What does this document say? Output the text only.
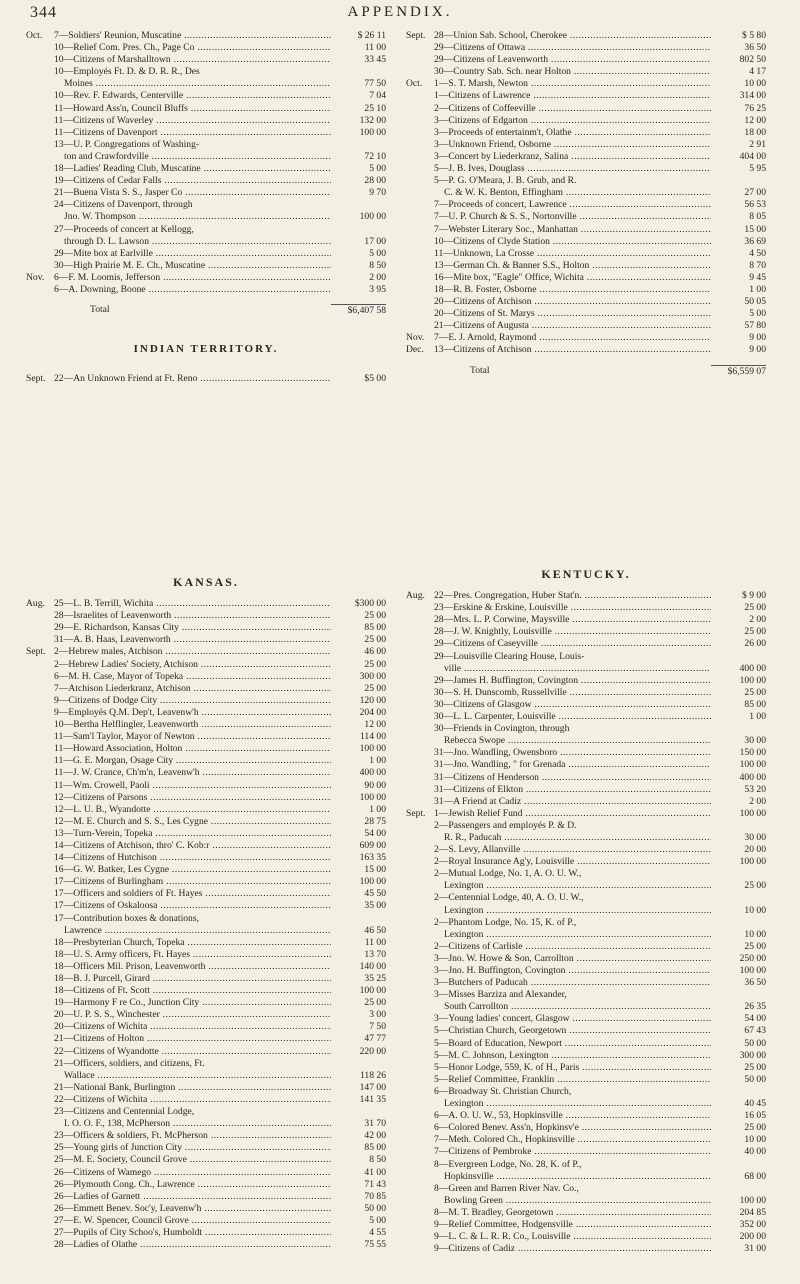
344	APPENDIX.
Oct.	7—Soldiers' Reunion, Muscatine .....	$ 26 11
10—Relief Com. Pres. Ch., Page Co .....	11 00
10—Citizens of Marshalltown .....	33 45
10—Employés Ft. D. & D. R. R., Des
Moines .....	77 50
10—Rev. F. Edwards, Centerville .....	7 04
11—Howard Ass'n, Council Bluffs .....	25 10
11—Citizens of Waverley .....	132 00
11—Citizens of Davenport .....	100 00
13—U. P. Congregations of Washing-
ton and Crawfordville .....	72 10
18—Ladies' Reading Club, Muscatine .....	5 00
19—Citizens of Cedar Falls .....	28 00
21—Buena Vista S. S., Jasper Co .....	9 70
24—Citizens of Davenport, through
Jno. W. Thompson .....	100 00
27—Proceeds of concert at Kellogg,
through D. L. Lawson .....	17 00
29—Mite box at Earlville .....	5 00
30—High Prairie M. E. Ch., Muscatine .....	8 50
Nov.	6—F. M. Loomis, Jefferson .....	2 00
6—A. Downing, Boone .....	3 95
Total	$6,407 58
INDIAN TERRITORY.
Sept. 22—An Unknown Friend at Ft. Reno .....	$5 00
KANSAS.
Aug. 25—L. B. Terrill, Wichita .....	$300 00
28—Israelites of Leavenworth .....	25 00
29—E. Richardson, Kansas City .....	85 00
31—A. B. Haas, Leavenworth .....	25 00
Sept. 2—Hebrew males, Atchison .....	46 00
2—Hebrew Ladies' Society, Atchison .....	25 00
6—M. H. Case, Mayor of Topeka .....	300 00
7—Atchison Liederkranz, Atchison .....	25 00
9—Citizens of Dodge City .....	120 00
9—Employés Q.M. Dep't, Leavenw'h .....	204 00
10—Bertha Helflingler, Leavenworth .....	12 00
11—Sam'l Taylor, Mayor of Newton .....	114 00
11—Howard Association, Holton .....	100 00
11—G. E. Morgan, Osage City .....	1 00
11—J. W. Crance, Ch'm'n, Leavenw'h .....	400 00
11—Wm. Crowell, Paoli .....	90 00
12—Citizens of Parsons .....	100 00
12—L. U. B., Wyandotte .....	1 00
12—M. E. Church and S. S., Les Cygne .....	28 75
13—Turn-Verein, Topeka .....	54 00
14—Citizens of Atchison, thro' C. Kob:r .....	609 00
14—Citizens of Hutchison .....	163 35
16—G. W. Batker, Les Cygne .....	15 00
17—Citizens of Burlingham .....	100 00
17—Officers and soldiers of Ft. Hayes .....	45 50
17—Citizens of Oskaloosa .....	35 00
17—Contribution boxes & donations,
Lawrence .....	46 50
18—Presbyterian Church, Topeka .....	11 00
18—U. S. Army officers, Ft. Hayes .....	13 70
18—Officers Mil. Prison, Leavenworth .....	140 00
18—B. J. Purcell, Girard .....	35 25
18—Citizens of Ft. Scott .....	100 00
19—Harmony F re Co., Junction City .....	25 00
20—U. P. S. S., Winchester .....	3 00
20—Citizens of Wichita .....	7 50
21—Citizens of Holton .....	47 77
22—Citizens of Wyandotte .....	220 00
21—Officers, soldiers, and citizens, Ft.
Wallace .....	118 26
21—National Bank, Burlington .....	147 00
22—Citizens of Wichita .....	141 35
23—Citizens and Centennial Lodge,
I. O. O. F., 138, McPherson .....	31 70
23—Officers & soldiers, Ft. McPherson .....	42 00
25—Young girls of Junction City .....	85 00
25—M. E. Society, Council Grove .....	8 50
26—Citizens of Wamego .....	41 00
26—Plymouth Cong. Ch., Lawrence .....	71 43
26—Ladies of Garnett .....	70 85
26—Emmett Benev. Soc'y, Leavenw'h .....	50 00
27—E. W. Spencer, Council Grove .....	5 00
27—Pupils of City Schoo's, Humboldt .....	4 55
28—Ladies of Olathe .....	75 55
Sept. 28—Union Sab. School, Cherokee .....	$ 5 80
29—Citizens of Ottawa .....	36 50
29—Citizens of Leavenworth .....	802 50
30—Country Sab. Sch. near Holton .....	4 17
Oct.	1—S. T. Marsh, Newton .....	10 00
1—Citizens of Lawrence .....	314 00
2—Citizens of Coffeeville .....	76 25
3—Citizens of Edgarton .....	12 00
3—Proceeds of entertainm't, Olathe .....	18 00
3—Unknown Friend, Osborne .....	2 91
3—Concert by Liederkranz, Salina .....	404 00
5—J. B. Ives, Douglass .....	5 95
5—P. G. O'Meara, J. B. Grub, and R.
C. & W. K. Benton, Effingham .....	27 00
7—Proceeds of concert, Lawrence .....	56 53
7—U. P. Church & S. S., Nortonville .....	8 05
7—Webster Literary Soc., Manhattan .....	15 00
10—Citizens of Clyde Station .....	36 69
11—Unknown, La Crosse .....	4 50
13—German Ch. & Banner S.S., Holton .....	8 70
16—Mite box, "Eagle" Office, Wichita .....	9 45
18—R. B. Foster, Osborne .....	1 00
20—Citizens of Atchison .....	50 05
20—Citizens of St. Marys .....	5 00
21—Citizens of Augusta .....	57 80
Nov.	7—E. J. Arnold, Raymond .....	9 00
Dec.	13—Citizens of Atchison .....	9 00
Total	$6,559 07
KENTUCKY.
Aug. 22—Pres. Congregation, Huber Stat'n. .....	$ 9 00
23—Erskine & Erskine, Louisville .....	25 00
28—Mrs. L. P. Corwine, Maysville .....	2 00
28—J. W. Knightly, Louisville .....	25 00
29—Citizens of Caseyville .....	26 00
29—Louisville Clearing House, Louis-
ville .....	400 00
29—James H. Buffington, Covington .....	100 00
30—S. H. Dunscomb, Russellville .....	25 00
30—Citizens of Glasgow .....	85 00
30—L. L. Carpenter, Louisville .....	1 00
30—Friends in Covington, through
Rebecca Swope .....	30 00
31—Jno. Wandling, Owensboro .....	150 00
31—Jno. Wandling, " for Grenada .....	100 00
31—Citizens of Henderson .....	400 00
31—Citizens of Elkton .....	53 20
31—A Friend at Cadiz .....	2 00
Sept. 1—Jewish Relief Fund .....	100 00
2—Passengers and employés P. & D.
R. R., Paducah .....	30 00
2—S. Levy, Allanville .....	20 00
2—Royal Insurance Ag'y, Louisville .....	100 00
2—Mutual Lodge, No. 1, A. O. U. W.,
Lexington .....	25 00
2—Centennial Lodge, 40, A. O. U. W.,
Lexington .....	10 00
2—Phantom Lodge, No. 15, K. of P.,
Lexington .....	10 00
2—Citizens of Carlisle .....	25 00
3—Jno. W. Howe & Son, Carrollton .....	250 00
3—Jno. H. Buffington, Covington .....	100 00
3—Butchers of Paducah .....	36 50
3—Misses Barziza and Alexander,
South Carrollton .....	26 35
3—Young ladies' concert, Glasgow .....	54 00
5—Christian Church, Georgetown .....	67 43
5—Board of Education, Newport .....	50 00
5—M. C. Johnson, Lexington .....	300 00
5—Honor Lodge, 559, K. of H., Paris .....	25 00
5—Relief Committee, Franklin .....	50 00
6—Broadway St. Christian Church,
Lexington .....	40 45
6—A. O. U. W., 53, Hopkinsville .....	16 05
6—Colored Benev. Ass'n, Hopkinsv'e .....	25 00
7—Meth. Colored Ch., Hopkinsville .....	10 00
7—Citizens of Pembroke .....	40 00
8—Evergreen Lodge, No. 28, K. of P.,
Hopkinsville .....	68 00
8—Green and Barren River Nav. Co.,
Bowling Green .....	100 00
8—M. T. Bradley, Georgetown .....	204 85
9—Relief Committee, Hodgensville .....	352 00
9—L. C. & L. R. R. Co., Louisville .....	200 00
9—Citizens of Cadiz .....	31 00
